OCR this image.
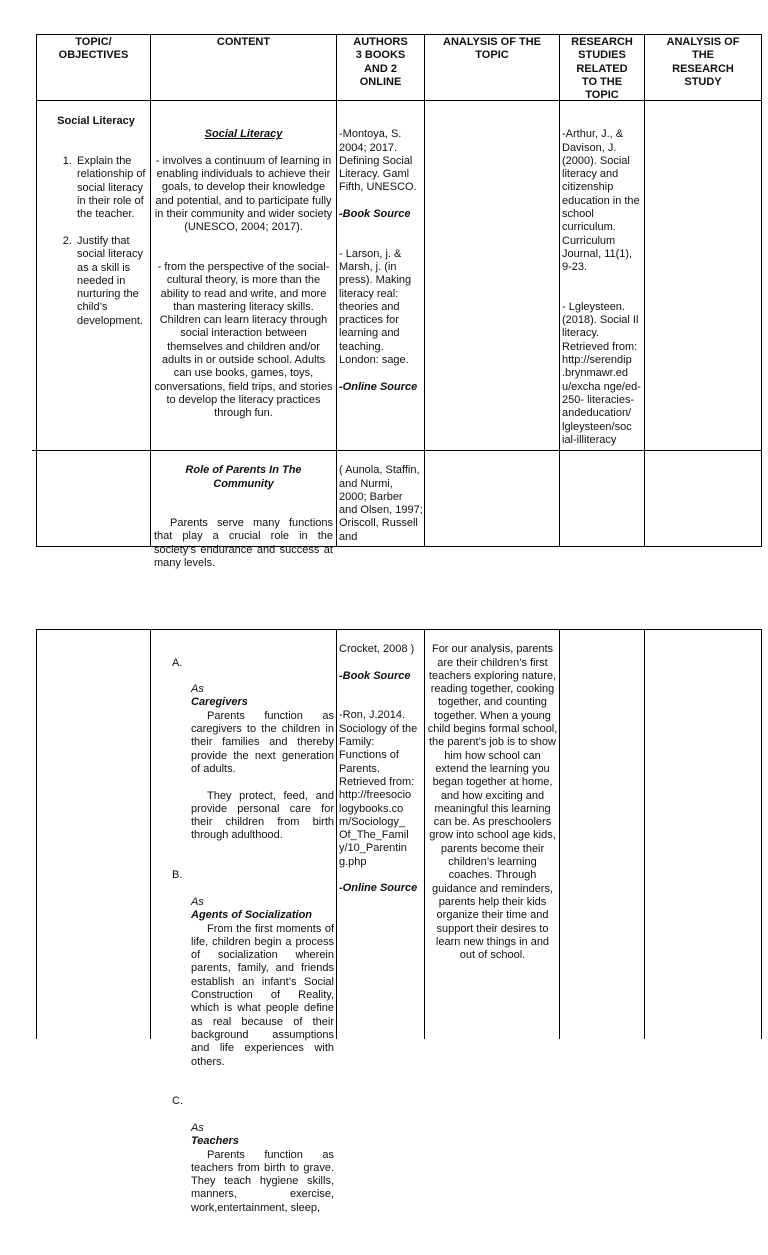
TOPIC/
OBJECTIVES
CONTENT	AUTHORS
3 BOOKS
AND 2
ONLINE
ANALYSIS OF THE
TOPIC
RESEARCH
STUDIES
RELATED
TO THE
TOPIC
ANALYSIS OF
THE
RESEARCH
STUDY

Social Literacy

1. Explain the relationship of social literacy in their role of the teacher.

2. Justify that social literacy as a skill is needed in nurturing the child’s development.

Social Literacy

- involves a continuum of learning in enabling individuals to achieve their goals, to develop their knowledge and potential, and to participate fully in their community and wider society (UNESCO, 2004; 2017).

- from the perspective of the social-cultural theory, is more than the ability to read and write, and more than mastering literacy skills. Children can learn literacy through social interaction between themselves and children and/or adults in or outside school. Adults can use books, games, toys, conversations, field trips, and stories to develop the literacy practices through fun.

-Montoya, S. 2004; 2017. Defining Social Literacy. Gaml Fifth, UNESCO.

-Book Source

- Larson, j. & Marsh, j. (in press). Making literacy real: theories and practices for learning and teaching. London: sage.

-Online Source

-Arthur, J., & Davison, J. (2000). Social literacy and citizenship education in the school curriculum. Curriculum Journal, 11(1), 9-23.

- Lgleysteen. (2018). Social Il literacy. Retrieved from: http://serendip .brynmawr.ed u/excha nge/ed-250- literacies- andeducation/ lgleysteen/soc ial-illiteracy

Role of Parents In The Community

Parents serve many functions that play a crucial role in the society’s endurance and success at many levels.

( Aunola, Staffin, and Nurmi, 2000; Barber and Olsen, 1997; Oriscoll, Russell and

A.

As
Caregivers

Parents function as caregivers to the children in their families and thereby provide the next generation of adults.

They protect, feed, and provide personal care for their children from birth through adulthood.

B.

As
Agents of Socialization

From the first moments of life, children begin a process of socialization wherein parents, family, and friends establish an infant’s Social Construction of Reality, which is what people define as real because of their background assumptions and life experiences with others.

C.

As
Teachers

Parents function as teachers from birth to grave. They teach hygiene skills, manners, exercise, work,entertainment, sleep,

Crocket, 2008 )

-Book Source

-Ron, J.2014. Sociology of the Family: Functions of Parents. Retrieved from: http://freesocio logybooks.co m/Sociology_ Of_The_Famil y/10_Parentin g.php

-Online Source

For our analysis, parents are their children’s first teachers exploring nature, reading together, cooking together, and counting together. When a young child begins formal school, the parent’s job is to show him how school can extend the learning you began together at home, and how exciting and meaningful this learning can be. As preschoolers grow into school age kids, parents become their children’s learning coaches. Through guidance and reminders, parents help their kids organize their time and support their desires to learn new things in and out of school.
